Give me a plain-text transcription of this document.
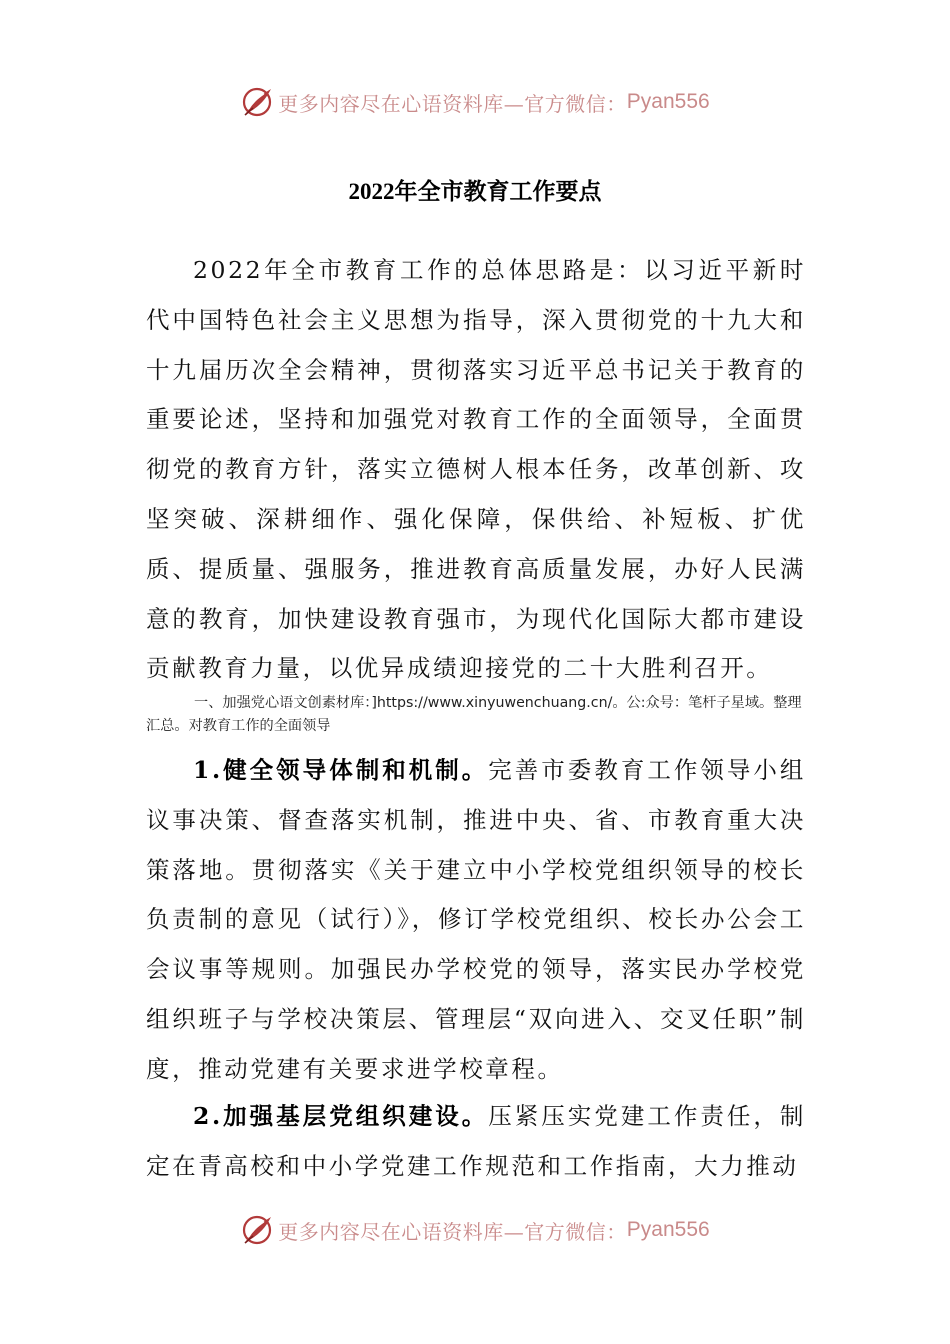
更多内容尽在心语资料库—官方微信： Pyan556
2022年全市教育工作要点
2022年全市教育工作的总体思路是：以习近平新时代中国特色社会主义思想为指导，深入贯彻党的十九大和十九届历次全会精神，贯彻落实习近平总书记关于教育的重要论述，坚持和加强党对教育工作的全面领导，全面贯彻党的教育方针，落实立德树人根本任务，改革创新、攻坚突破、深耕细作、强化保障，保供给、补短板、扩优质、提质量、强服务，推进教育高质量发展，办好人民满意的教育，加快建设教育强市，为现代化国际大都市建设贡献教育力量，以优异成绩迎接党的二十大胜利召开。
一、加强党心语文创素材库：]https://www.xinyuwenchuang.cn/。公:众号：笔杆子星域。整理汇总。对教育工作的全面领导
1.健全领导体制和机制。完善市委教育工作领导小组议事决策、督查落实机制，推进中央、省、市教育重大决策落地。贯彻落实《关于建立中小学校党组织领导的校长负责制的意见（试行）》，修订学校党组织、校长办公会工会议事等规则。加强民办学校党的领导，落实民办学校党组织班子与学校决策层、管理层“双向进入、交叉任职”制度，推动党建有关要求进学校章程。
2.加强基层党组织建设。压紧压实党建工作责任，制定在青高校和中小学党建工作规范和工作指南，大力推动
更多内容尽在心语资料库—官方微信： Pyan556
